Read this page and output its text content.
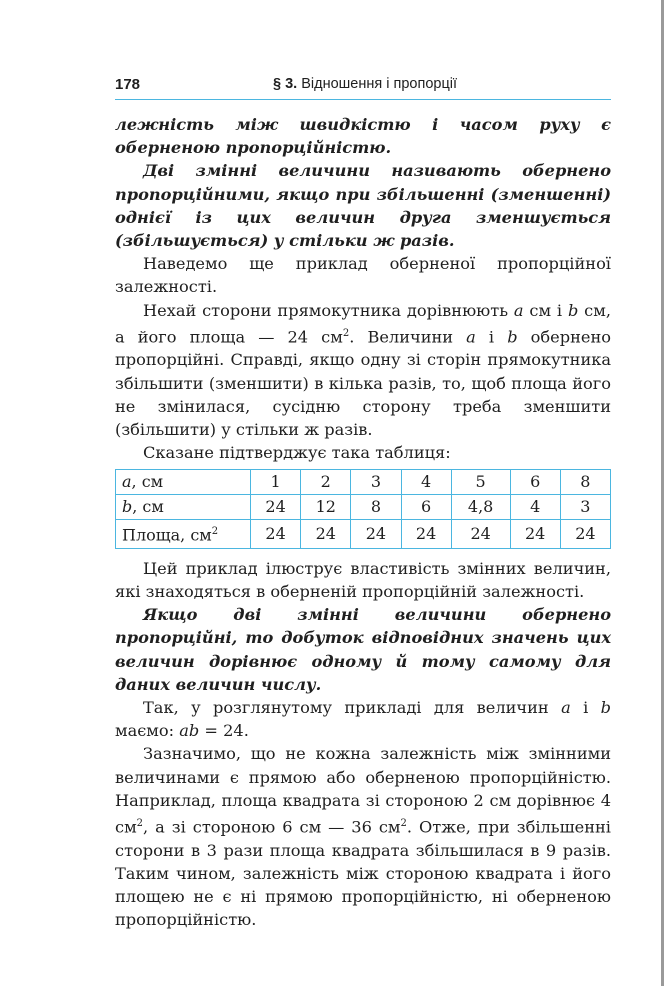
178	§ 3. Відношення і пропорції

лежність між швидкістю і часом руху є оберненою пропорційністю.

Дві змінні величини називають обернено пропорційними, якщо при збільшенні (зменшенні) однієї із цих величин друга зменшується (збільшується) у стільки ж разів.

Наведемо ще приклад оберненої пропорційної залежності.

Нехай сторони прямокутника дорівнюють a см і b см, а його площа — 24 $см^2$. Величини a і b обернено пропорційні. Справді, якщо одну зі сторін прямокутника збільшити (зменшити) в кілька разів, то, щоб площа його не змінилася, сусідню сторону треба зменшити (збільшити) у стільки ж разів.

Сказане підтверджує така таблиця:

a, см	1	2	3	4	5	6	8
b, см	24	12	8	6	4,8	4	3
Площа, $см^2$	24	24	24	24	24	24	24

Цей приклад ілюструє властивість змінних величин, які знаходяться в оберненій пропорційній залежності.

Якщо дві змінні величини обернено пропорційні, то добуток відповідних значень цих величин дорівнює одному й тому самому для даних величин числу.

Так, у розглянутому прикладі для величин a і b маємо: ab = 24.

Зазначимо, що не кожна залежність між змінними величинами є прямою або оберненою пропорційністю. Наприклад, площа квадрата зі стороною 2 см дорівнює 4 $см^2$, а зі стороною 6 см — 36 $см^2$. Отже, при збільшенні сторони в 3 рази площа квадрата збільшилася в 9 разів. Таким чином, залежність між стороною квадрата і його площею не є ні прямою пропорційністю, ні оберненою пропорційністю.
